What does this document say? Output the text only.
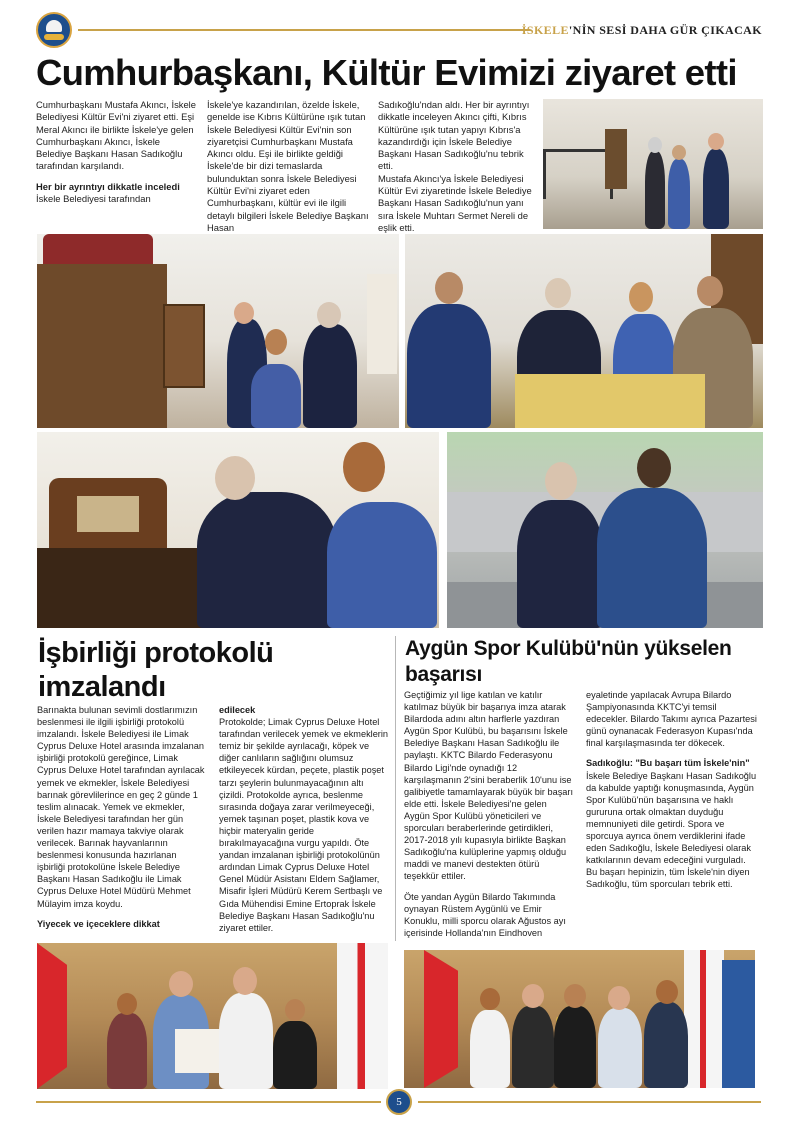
İSKELE'NİN SESİ DAHA GÜR ÇIKACAK
Cumhurbaşkanı, Kültür Evimizi ziyaret etti

Cumhurbaşkanı Mustafa Akıncı, İskele Belediyesi Kültür Evi'ni ziyaret etti. Eşi Meral Akıncı ile birlikte İskele'ye gelen Cumhurbaşkanı Akıncı, İskele Belediye Başkanı Hasan Sadıkoğlu tarafından karşılandı.

Her bir ayrıntıyı dikkatle inceledi

İskele Belediyesi tarafından

İskele'ye kazandırılan, özelde İskele, genelde ise Kıbrıs Kültürüne ışık tutan İskele Belediyesi Kültür Evi'nin son ziyaretçisi Cumhurbaşkanı Mustafa Akıncı oldu. Eşi ile birlikte geldiği İskele'de bir dizi temaslarda bulunduktan sonra İskele Belediyesi Kültür Evi'ni ziyaret eden Cumhurbaşkanı, kültür evi ile ilgili detaylı bilgileri İskele Belediye Başkanı Hasan

Sadıkoğlu'ndan aldı. Her bir ayrıntıyı dikkatle inceleyen Akıncı çifti, Kıbrıs Kültürüne ışık tutan yapıyı Kıbrıs'a kazandırdığı için İskele Belediye Başkanı Hasan Sadıkoğlu'nu tebrik etti.

Mustafa Akıncı'ya İskele Belediyesi Kültür Evi ziyaretinde İskele Belediye Başkanı Hasan Sadıkoğlu'nun yanı sıra İskele Muhtarı Sermet Nereli de eşlik etti.

İşbirliği protokolü imzalandı
Aygün Spor Kulübü'nün yükselen başarısı

Barınakta bulunan sevimli dostlarımızın beslenmesi ile ilgili işbirliği protokolü imzalandı. İskele Belediyesi ile Limak Cyprus Deluxe Hotel arasında imzalanan işbirliği protokolü gereğince, Limak Cyprus Deluxe Hotel tarafından ayrılacak yemek ve ekmekler, İskele Belediyesi barınak görevlilerince en geç 2 günde 1 teslim alınacak. Yemek ve ekmekler, İskele Belediyesi tarafından her gün verilen hazır mamaya takviye olarak verilecek. Barınak hayvanlarının beslenmesi konusunda hazırlanan işbirliği protokolüne İskele Belediye Başkanı Hasan Sadıkoğlu ile Limak Cyprus Deluxe Hotel Müdürü Mehmet Mülayim imza koydu.

Yiyecek ve içeceklere dikkat

edilecek

Protokolde; Limak Cyprus Deluxe Hotel tarafından verilecek yemek ve ekmeklerin temiz bir şekilde ayrılacağı, köpek ve diğer canlıların sağlığını olumsuz etkileyecek kürdan, peçete, plastik poşet tarzı şeylerin bulunmayacağının altı çizildi. Protokolde ayrıca, beslenme sırasında doğaya zarar verilmeyeceği, yemek taşınan poşet, plastik kova ve hiçbir materyalin geride bırakılmayacağına vurgu yapıldı. Öte yandan imzalanan işbirliği protokolünün ardından Limak Cyprus Deluxe Hotel Genel Müdür Asistanı Eldem Sağlamer, Misafir İşleri Müdürü Kerem Sertbaşlı ve Gıda Mühendisi Emine Ertoprak İskele Belediye Başkanı Hasan Sadıkoğlu'nu ziyaret ettiler.

Geçtiğimiz yıl lige katılan ve katılır katılmaz büyük bir başarıya imza atarak Bilardoda adını altın harflerle yazdıran Aygün Spor Kulübü, bu başarısını İskele Belediye Başkanı Hasan Sadıkoğlu ile paylaştı. KKTC Bilardo Federasyonu Bilardo Ligi'nde oynadığı 12 karşılaşmanın 2'sini beraberlik 10'unu ise galibiyetle tamamlayarak büyük bir başarı elde etti. İskele Belediyesi'ne gelen Aygün Spor Kulübü yöneticileri ve sporcuları beraberlerinde getirdikleri, 2017-2018 yılı kupasıyla birlikte Başkan Sadıkoğlu'na kulüplerine yapmış olduğu maddi ve manevi destekten ötürü teşekkür ettiler.

Öte yandan Aygün Bilardo Takımında oynayan Rüstem Aygünlü ve Emir Konuklu, milli sporcu olarak Ağustos ayı içerisinde Hollanda'nın Eindhoven

eyaletinde yapılacak Avrupa Bilardo Şampiyonasında KKTC'yi temsil edecekler. Bilardo Takımı ayrıca Pazartesi günü oynanacak Federasyon Kupası'nda final karşılaşmasında ter dökecek.

Sadıkoğlu: "Bu başarı tüm İskele'nin"

İskele Belediye Başkanı Hasan Sadıkoğlu da kabulde yaptığı konuşmasında, Aygün Spor Kulübü'nün başarısına ve haklı gururuna ortak olmaktan duyduğu memnuniyeti dile getirdi. Spora ve sporcuya ayrıca önem verdiklerini ifade eden Sadıkoğlu, İskele Belediyesi olarak katkılarının devam edeceğini vurguladı. Bu başarı hepinizin, tüm İskele'nin diyen Sadıkoğlu, tüm sporcuları tebrik etti.

5
